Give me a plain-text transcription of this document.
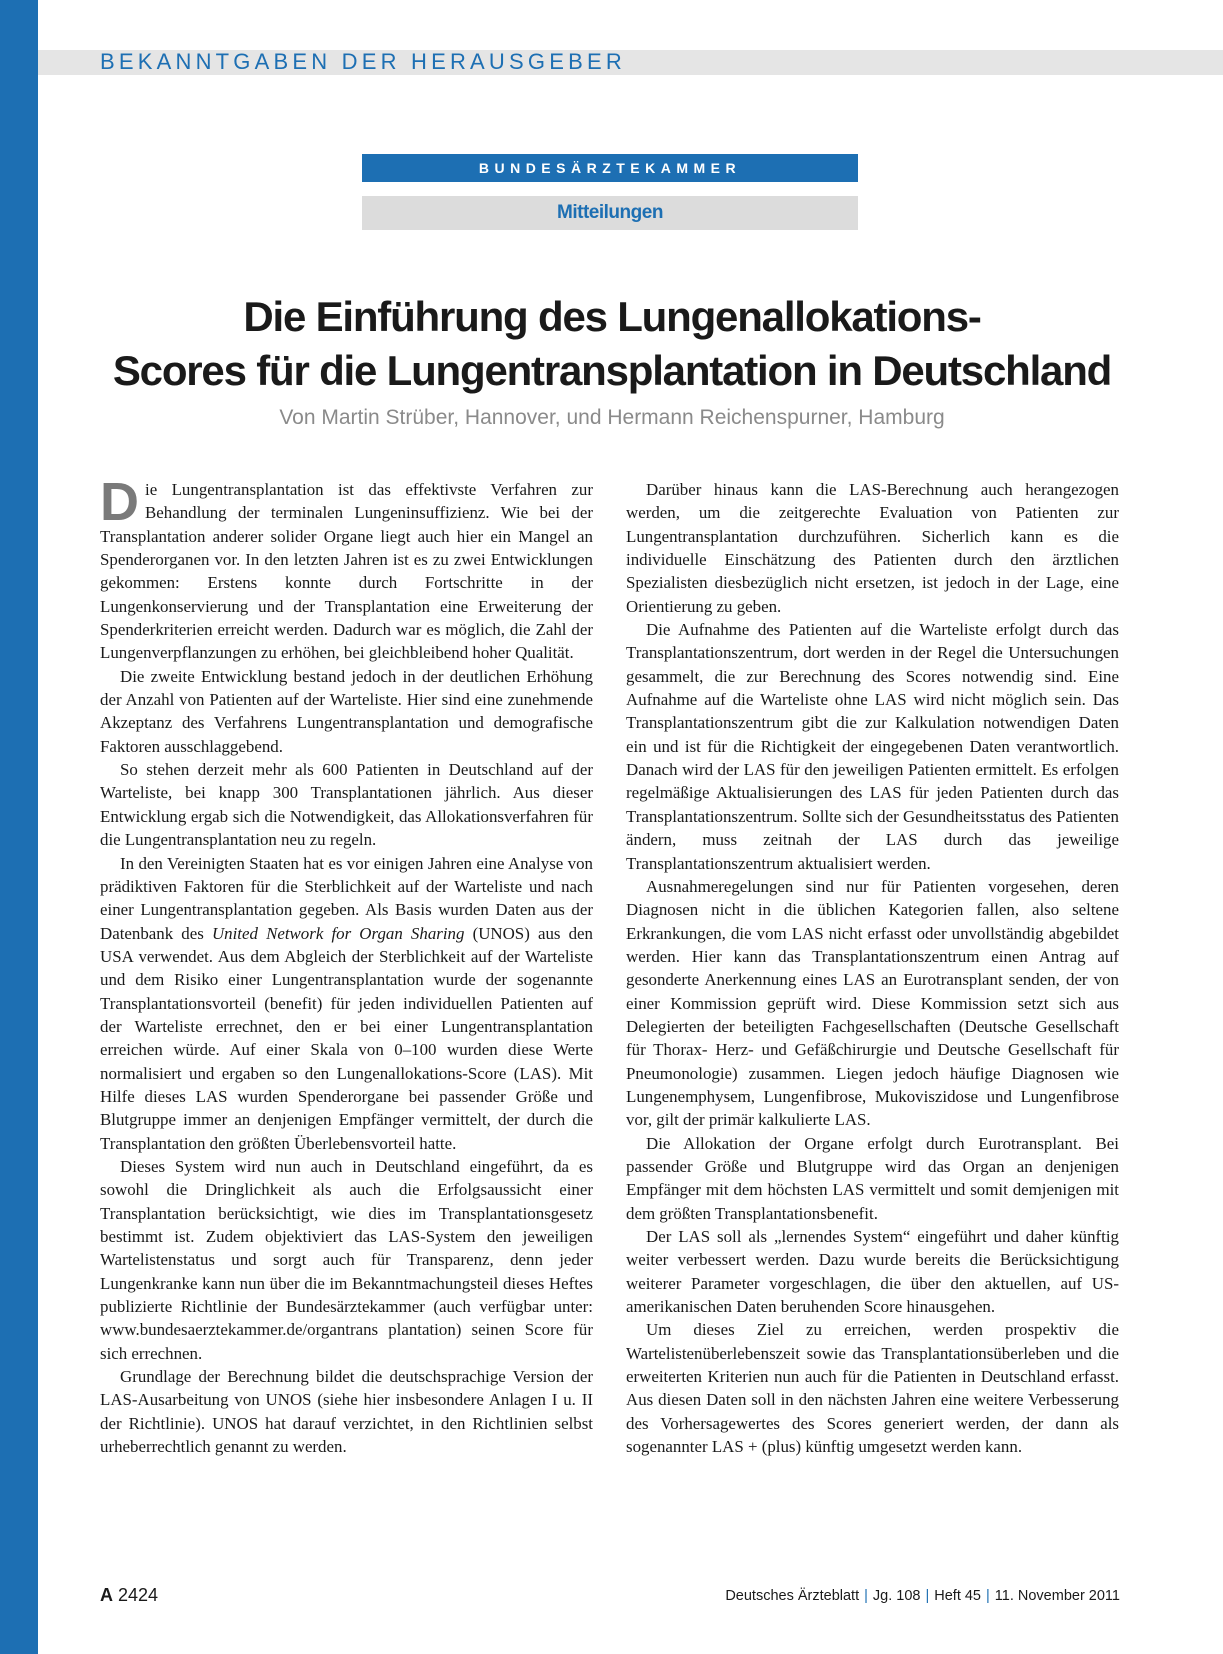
BEKANNTGABEN DER HERAUSGEBER
BUNDESÄRZTEKAMMER
Mitteilungen
Die Einführung des Lungenallokations-
Scores für die Lungentransplantation in Deutschland
Von Martin Strüber, Hannover, und Hermann Reichenspurner, Hamburg

Die Lungentransplantation ist das effektivste Verfahren zur Behandlung der terminalen Lungeninsuffizienz. Wie bei der Transplantation anderer solider Organe liegt auch hier ein Mangel an Spenderorganen vor. In den letzten Jahren ist es zu zwei Entwicklungen gekommen: Erstens konnte durch Fortschritte in der Lungenkonservierung und der Transplantation eine Erweiterung der Spenderkriterien erreicht werden. Dadurch war es möglich, die Zahl der Lungenverpflanzungen zu erhöhen, bei gleichbleibend hoher Qualität.

Die zweite Entwicklung bestand jedoch in der deutlichen Erhöhung der Anzahl von Patienten auf der Warteliste. Hier sind eine zunehmende Akzeptanz des Verfahrens Lungentransplantation und demografische Faktoren ausschlaggebend.

So stehen derzeit mehr als 600 Patienten in Deutschland auf der Warteliste, bei knapp 300 Transplantationen jährlich. Aus dieser Entwicklung ergab sich die Notwendigkeit, das Allokationsverfahren für die Lungentransplantation neu zu regeln.

In den Vereinigten Staaten hat es vor einigen Jahren eine Analyse von prädiktiven Faktoren für die Sterblichkeit auf der Warteliste und nach einer Lungentransplantation gegeben. Als Basis wurden Daten aus der Datenbank des United Network for Organ Sharing (UNOS) aus den USA verwendet. Aus dem Abgleich der Sterblichkeit auf der Warteliste und dem Risiko einer Lungentransplantation wurde der sogenannte Transplantationsvorteil (benefit) für jeden individuellen Patienten auf der Warteliste errechnet, den er bei einer Lungentransplantation erreichen würde. Auf einer Skala von 0–100 wurden diese Werte normalisiert und ergaben so den Lungenallokations-Score (LAS). Mit Hilfe dieses LAS wurden Spenderorgane bei passender Größe und Blutgruppe immer an denjenigen Empfänger vermittelt, der durch die Transplantation den größten Überlebensvorteil hatte.

Dieses System wird nun auch in Deutschland eingeführt, da es sowohl die Dringlichkeit als auch die Erfolgsaussicht einer Transplantation berücksichtigt, wie dies im Transplantationsgesetz bestimmt ist. Zudem objektiviert das LAS-System den jeweiligen Wartelistenstatus und sorgt auch für Transparenz, denn jeder Lungenkranke kann nun über die im Bekanntmachungsteil dieses Heftes publizierte Richtlinie der Bundesärztekammer (auch verfügbar unter: www.bundesaerztekammer.de/organtrans plantation) seinen Score für sich errechnen.

Grundlage der Berechnung bildet die deutschsprachige Version der LAS-Ausarbeitung von UNOS (siehe hier insbesondere Anlagen I u. II der Richtlinie). UNOS hat darauf verzichtet, in den Richtlinien selbst urheberrechtlich genannt zu werden.

Darüber hinaus kann die LAS-Berechnung auch herangezogen werden, um die zeitgerechte Evaluation von Patienten zur Lungentransplantation durchzuführen. Sicherlich kann es die individuelle Einschätzung des Patienten durch den ärztlichen Spezialisten diesbezüglich nicht ersetzen, ist jedoch in der Lage, eine Orientierung zu geben.

Die Aufnahme des Patienten auf die Warteliste erfolgt durch das Transplantationszentrum, dort werden in der Regel die Untersuchungen gesammelt, die zur Berechnung des Scores notwendig sind. Eine Aufnahme auf die Warteliste ohne LAS wird nicht möglich sein. Das Transplantationszentrum gibt die zur Kalkulation notwendigen Daten ein und ist für die Richtigkeit der eingegebenen Daten verantwortlich. Danach wird der LAS für den jeweiligen Patienten ermittelt. Es erfolgen regelmäßige Aktualisierungen des LAS für jeden Patienten durch das Transplantationszentrum. Sollte sich der Gesundheitsstatus des Patienten ändern, muss zeitnah der LAS durch das jeweilige Transplantationszentrum aktualisiert werden.

Ausnahmeregelungen sind nur für Patienten vorgesehen, deren Diagnosen nicht in die üblichen Kategorien fallen, also seltene Erkrankungen, die vom LAS nicht erfasst oder unvollständig abgebildet werden. Hier kann das Transplantationszentrum einen Antrag auf gesonderte Anerkennung eines LAS an Eurotransplant senden, der von einer Kommission geprüft wird. Diese Kommission setzt sich aus Delegierten der beteiligten Fachgesellschaften (Deutsche Gesellschaft für Thorax- Herz- und Gefäßchirurgie und Deutsche Gesellschaft für Pneumonologie) zusammen. Liegen jedoch häufige Diagnosen wie Lungenemphysem, Lungenfibrose, Mukoviszidose und Lungenfibrose vor, gilt der primär kalkulierte LAS.

Die Allokation der Organe erfolgt durch Eurotransplant. Bei passender Größe und Blutgruppe wird das Organ an denjenigen Empfänger mit dem höchsten LAS vermittelt und somit demjenigen mit dem größten Transplantationsbenefit.

Der LAS soll als „lernendes System“ eingeführt und daher künftig weiter verbessert werden. Dazu wurde bereits die Berücksichtigung weiterer Parameter vorgeschlagen, die über den aktuellen, auf US-amerikanischen Daten beruhenden Score hinausgehen.

Um dieses Ziel zu erreichen, werden prospektiv die Wartelistenüberlebenszeit sowie das Transplantationsüberleben und die erweiterten Kriterien nun auch für die Patienten in Deutschland erfasst. Aus diesen Daten soll in den nächsten Jahren eine weitere Verbesserung des Vorhersagewertes des Scores generiert werden, der dann als sogenannter LAS + (plus) künftig umgesetzt werden kann.

A 2424	Deutsches Ärzteblatt | Jg. 108 | Heft 45 | 11. November 2011
